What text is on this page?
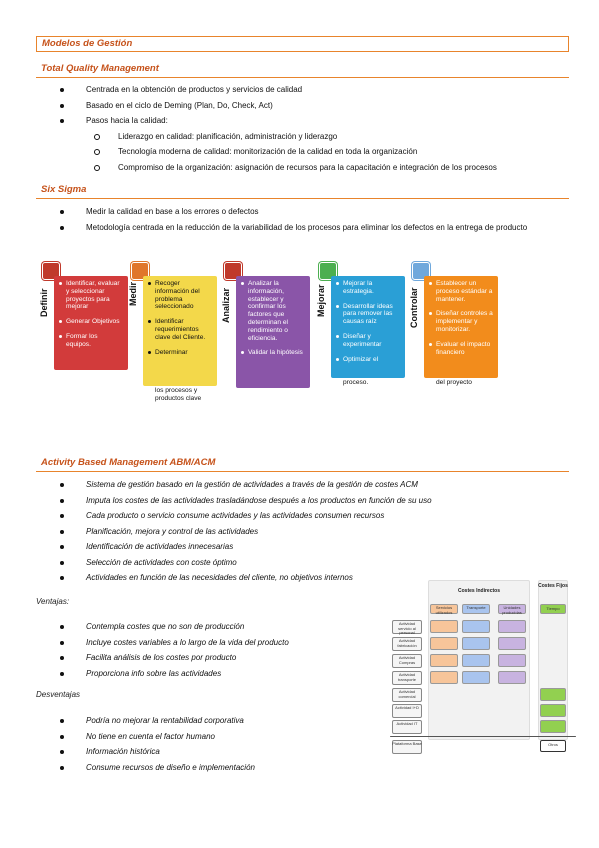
Modelos de Gestión
Total Quality Management
Centrada en la obtención de productos y servicios de calidad
Basado en el ciclo de Deming (Plan, Do, Check, Act)
Pasos hacia la calidad:
Liderazgo en calidad: planificación, administración y liderazgo
Tecnología moderna de calidad: monitorización de la calidad en toda la organización
Compromiso de la organización: asignación de recursos para la capacitación e integración de los procesos
Six Sigma
Medir la calidad en base a los errores o defectos
Metodología centrada en la reducción de la variabilidad de los procesos para eliminar los defectos en la entrega de producto
Definir
Identificar, evaluar y seleccionar proyectos para mejorar
Generar Objetivos
Formar los equipos.
Medir	Recoger información del problema seleccionado
Identificar requerimientos clave del Cliente.
Determinar
los procesos y productos clave
Analizar
Analizar la información, establecer y confirmar los factores que determinan el rendimiento o eficiencia.
Validar la hipótesis
Mejorar
Mejorar la estrategia.
Desarrollar ideas para remover las causas raíz
Diseñar y experimentar
Optimizar el
proceso.
Controlar
Establecer un proceso estándar a mantener.
Diseñar controles a implementar y monitorizar.
Evaluar el impacto financiero
del proyecto
Activity Based Management ABM/ACM
Sistema de gestión basado en la gestión de actividades a través de la gestión de costes ACM
Imputa los costes de las actividades trasladándose después a los productos en función de su uso
Cada producto o servicio consume actividades y las actividades consumen recursos
Planificación, mejora y control de las actividades
Identificación de actividades innecesarias
Selección de actividades con coste óptimo
Actividades en función de las necesidades del cliente, no objetivos internos
Ventajas:
Contempla costes que no son de producción
Incluye costes variables a lo largo de la vida del producto
Facilita análisis de los costes por producto
Proporciona info sobre las actividades
Desventajas
Podría no mejorar la rentabilidad corporativa
No tiene en cuenta el factor humano
Información histórica
Consume recursos de diseño e implementación
Costes Indirectos
Costes Fijos
Servicios utilizados
Transporte	Unidades producidas
Tiempo
Actividad servicio al personal
Actividad fabricación
Actividad Compras
Actividad transporte
Actividad comercial
Actividad I+D
Actividad IT
Plataforma Base	Otros
